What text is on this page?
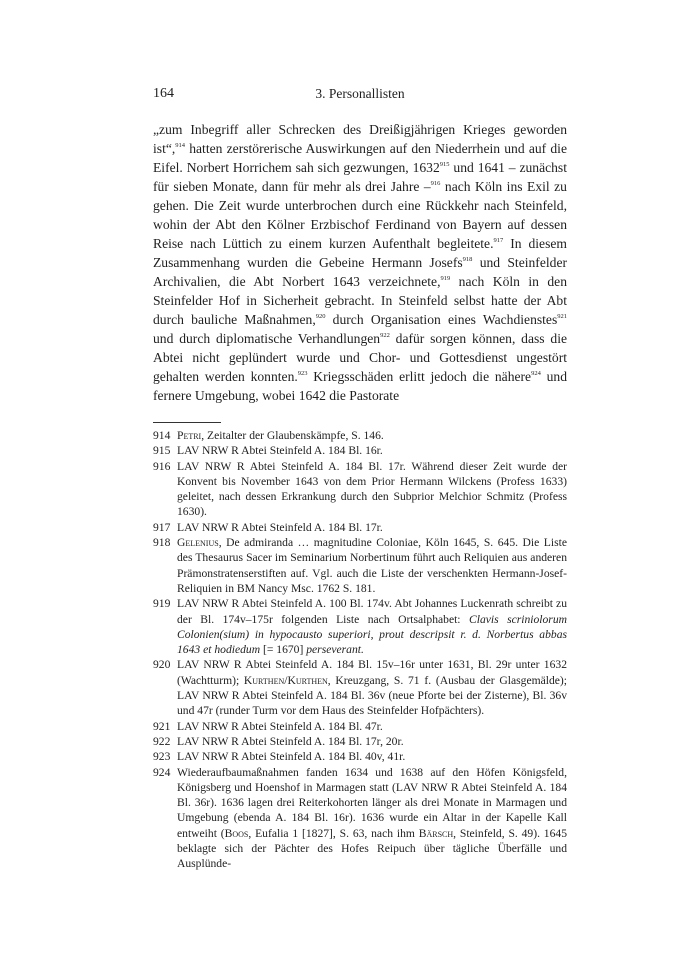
164	3. Personallisten

„zum Inbegriff aller Schrecken des Dreißigjährigen Krieges geworden ist“,$^{914}$ hatten zerstörerische Auswirkungen auf den Niederrhein und auf die Eifel. Norbert Horrichem sah sich gezwungen, 1632$^{915}$ und 1641 – zunächst für sieben Monate, dann für mehr als drei Jahre –$^{916}$ nach Köln ins Exil zu gehen. Die Zeit wurde unterbrochen durch eine Rückkehr nach Steinfeld, wohin der Abt den Kölner Erzbischof Ferdinand von Bayern auf dessen Reise nach Lüttich zu einem kurzen Aufenthalt begleitete.$^{917}$ In diesem Zusammenhang wurden die Gebeine Hermann Josefs$^{918}$ und Steinfelder Archivalien, die Abt Norbert 1643 verzeichnete,$^{919}$ nach Köln in den Steinfelder Hof in Sicherheit gebracht. In Steinfeld selbst hatte der Abt durch bauliche Maßnahmen,$^{920}$ durch Organisation eines Wachdienstes$^{921}$ und durch diplomatische Verhandlungen$^{922}$ dafür sorgen können, dass die Abtei nicht geplündert wurde und Chor- und Gottesdienst ungestört gehalten werden konnten.$^{923}$ Kriegsschäden erlitt jedoch die nähere$^{924}$ und fernere Umgebung, wobei 1642 die Pastorate

914 Petri, Zeitalter der Glaubenskämpfe, S. 146.
915 LAV NRW R Abtei Steinfeld A. 184 Bl. 16r.
916 LAV NRW R Abtei Steinfeld A. 184 Bl. 17r. Während dieser Zeit wurde der Konvent bis November 1643 von dem Prior Hermann Wilckens (Profess 1633) geleitet, nach dessen Erkrankung durch den Subprior Melchior Schmitz (Profess 1630).
917 LAV NRW R Abtei Steinfeld A. 184 Bl. 17r.
918 Gelenius, De admiranda … magnitudine Coloniae, Köln 1645, S. 645. Die Liste des Thesaurus Sacer im Seminarium Norbertinum führt auch Reliquien aus anderen Prämonstratenserstiften auf. Vgl. auch die Liste der verschenkten Hermann-Josef-Reliquien in BM Nancy Msc. 1762 S. 181.
919 LAV NRW R Abtei Steinfeld A. 100 Bl. 174v. Abt Johannes Luckenrath schreibt zu der Bl. 174v–175r folgenden Liste nach Ortsalphabet: Clavis scriniolorum Colonien(sium) in hypocausto superiori, prout descripsit r. d. Norbertus abbas 1643 et hodiedum [= 1670] perseverant.
920 LAV NRW R Abtei Steinfeld A. 184 Bl. 15v–16r unter 1631, Bl. 29r unter 1632 (Wachtturm); Kurthen/Kurthen, Kreuzgang, S. 71 f. (Ausbau der Glasgemälde); LAV NRW R Abtei Steinfeld A. 184 Bl. 36v (neue Pforte bei der Zisterne), Bl. 36v und 47r (runder Turm vor dem Haus des Steinfelder Hofpächters).
921 LAV NRW R Abtei Steinfeld A. 184 Bl. 47r.
922 LAV NRW R Abtei Steinfeld A. 184 Bl. 17r, 20r.
923 LAV NRW R Abtei Steinfeld A. 184 Bl. 40v, 41r.
924 Wiederaufbaumaßnahmen fanden 1634 und 1638 auf den Höfen Königsfeld, Königsberg und Hoenshof in Marmagen statt (LAV NRW R Abtei Steinfeld A. 184 Bl. 36r). 1636 lagen drei Reiterkohorten länger als drei Monate in Marmagen und Umgebung (ebenda A. 184 Bl. 16r). 1636 wurde ein Altar in der Kapelle Kall entweiht (Boos, Eufalia 1 [1827], S. 63, nach ihm Bärsch, Steinfeld, S. 49). 1645 beklagte sich der Pächter des Hofes Reipuch über tägliche Überfälle und Ausplünde-
